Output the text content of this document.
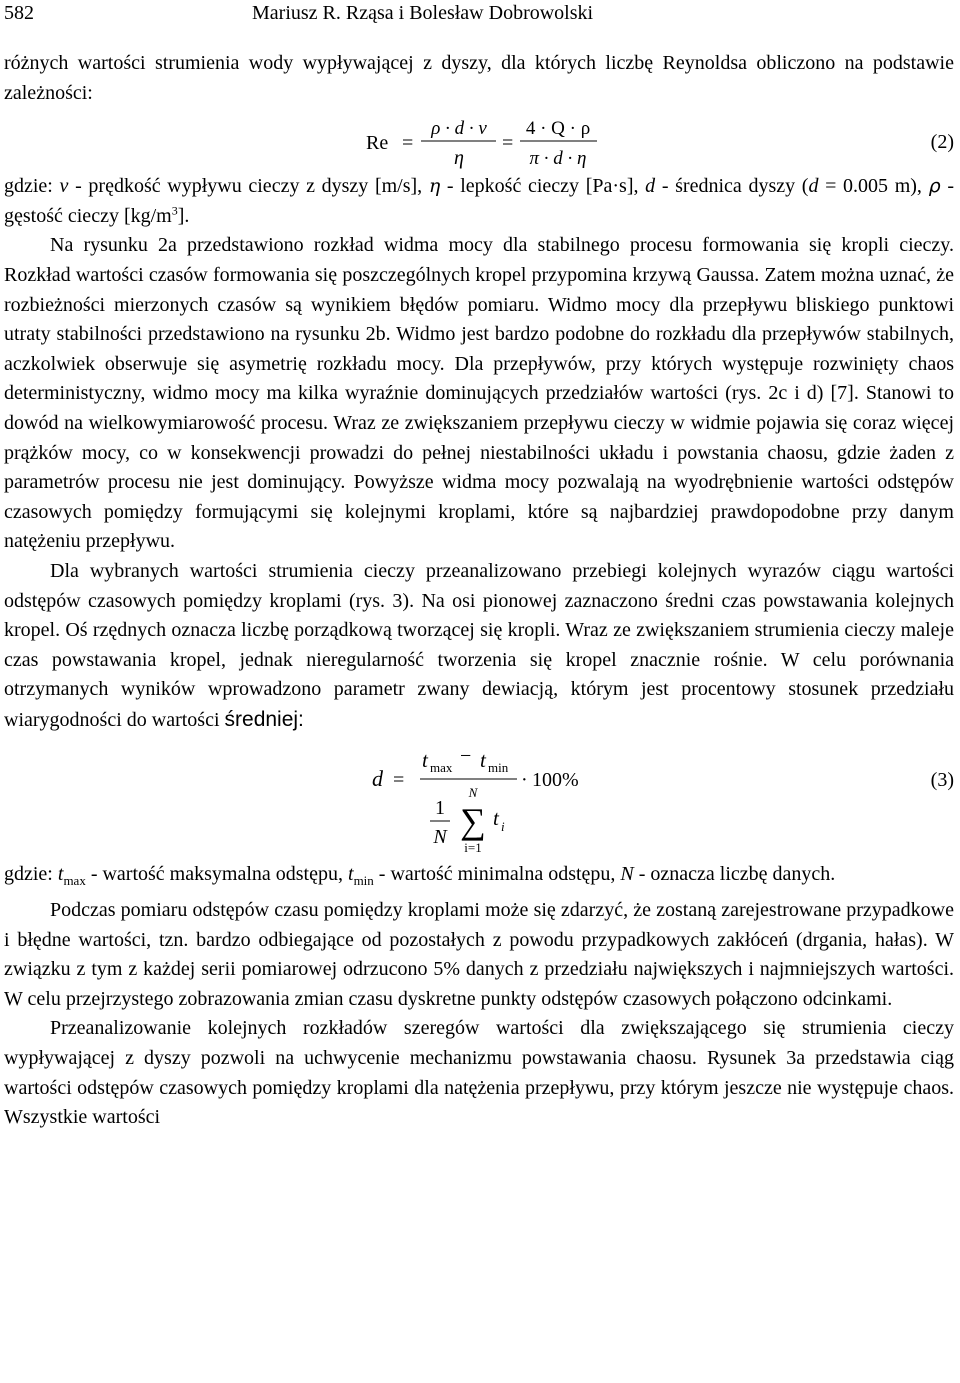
582	Mariusz R. Rząsa i Bolesław Dobrowolski

różnych wartości strumienia wody wypływającej z dyszy, dla których liczbę Reynoldsa obliczono na podstawie zależności:

Re =
ρ · d · v
η
=
4 · Q · ρ
π · d · η
(2)

gdzie: v - prędkość wypływu cieczy z dyszy [m/s], η - lepkość cieczy [Pa·s], d - średnica dyszy (d = 0.005 m), ρ - gęstość cieczy $[kg/m^3]$.

Na rysunku 2a przedstawiono rozkład widma mocy dla stabilnego procesu formowania się kropli cieczy. Rozkład wartości czasów formowania się poszczególnych kropel przypomina krzywą Gaussa. Zatem można uznać, że rozbieżności mierzonych czasów są wynikiem błędów pomiaru. Widmo mocy dla przepływu bliskiego punktowi utraty stabilności przedstawiono na rysunku 2b. Widmo jest bardzo podobne do rozkładu dla przepływów stabilnych, aczkolwiek obserwuje się asymetrię rozkładu mocy. Dla przepływów, przy których występuje rozwinięty chaos deterministyczny, widmo mocy ma kilka wyraźnie dominujących przedziałów wartości (rys. 2c i d) [7]. Stanowi to dowód na wielkowymiarowość procesu. Wraz ze zwiększaniem przepływu cieczy w widmie pojawia się coraz więcej prążków mocy, co w konsekwencji prowadzi do pełnej niestabilności układu i powstania chaosu, gdzie żaden z parametrów procesu nie jest dominujący. Powyższe widma mocy pozwalają na wyodrębnienie wartości odstępów czasowych pomiędzy formującymi się kolejnymi kroplami, które są najbardziej prawdopodobne przy danym natężeniu przepływu.

Dla wybranych wartości strumienia cieczy przeanalizowano przebiegi kolejnych wyrazów ciągu wartości odstępów czasowych pomiędzy kroplami (rys. 3). Na osi pionowej zaznaczono średni czas powstawania kolejnych kropel. Oś rzędnych oznacza liczbę porządkową tworzącej się kropli. Wraz ze zwiększaniem strumienia cieczy maleje czas powstawania kropel, jednak nieregularność tworzenia się kropel znacznie rośnie. W celu porównania otrzymanych wyników wprowadzono parametr zwany dewiacją, którym jest procentowy stosunek przedziału wiarygodności do wartości średniej:

d =
t max
− t min
1
N
N
∑
i=1
t i
· 100%	(3)

gdzie: $t_{max}$ - wartość maksymalna odstępu, $t_{min}$ - wartość minimalna odstępu, N - oznacza liczbę danych.

Podczas pomiaru odstępów czasu pomiędzy kroplami może się zdarzyć, że zostaną zarejestrowane przypadkowe i błędne wartości, tzn. bardzo odbiegające od pozostałych z powodu przypadkowych zakłóceń (drgania, hałas). W związku z tym z każdej serii pomiarowej odrzucono 5% danych z przedziału największych i najmniejszych wartości. W celu przejrzystego zobrazowania zmian czasu dyskretne punkty odstępów czasowych połączono odcinkami.

Przeanalizowanie kolejnych rozkładów szeregów wartości dla zwiększającego się strumienia cieczy wypływającej z dyszy pozwoli na uchwycenie mechanizmu powstawania chaosu. Rysunek 3a przedstawia ciąg wartości odstępów czasowych pomiędzy kroplami dla natężenia przepływu, przy którym jeszcze nie występuje chaos. Wszystkie wartości
